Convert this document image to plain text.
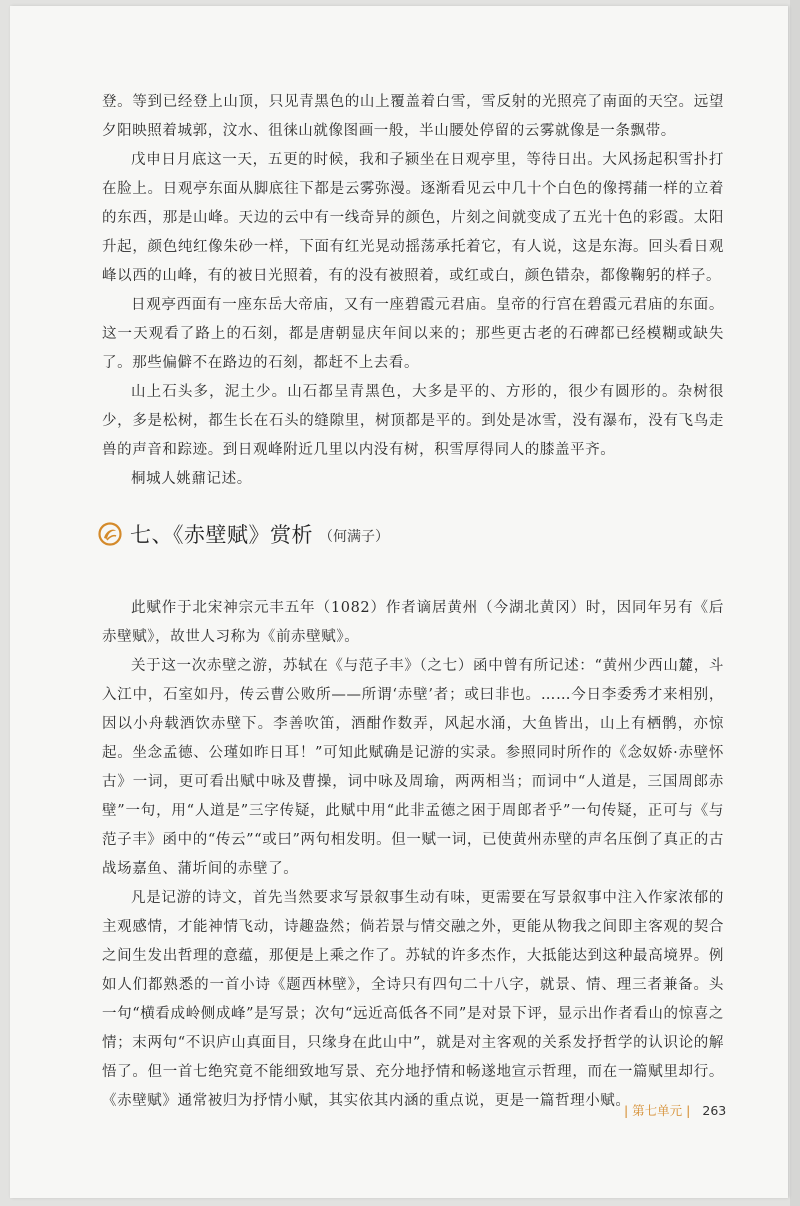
登。等到已经登上山顶，只见青黑色的山上覆盖着白雪，雪反射的光照亮了南面的天空。远望夕阳映照着城郭，汶水、徂徕山就像图画一般，半山腰处停留的云雾就像是一条飘带。

戊申日月底这一天，五更的时候，我和子颍坐在日观亭里，等待日出。大风扬起积雪扑打在脸上。日观亭东面从脚底往下都是云雾弥漫。逐渐看见云中几十个白色的像摴蒱一样的立着的东西，那是山峰。天边的云中有一线奇异的颜色，片刻之间就变成了五光十色的彩霞。太阳升起，颜色纯红像朱砂一样，下面有红光晃动摇荡承托着它，有人说，这是东海。回头看日观峰以西的山峰，有的被日光照着，有的没有被照着，或红或白，颜色错杂，都像鞠躬的样子。

日观亭西面有一座东岳大帝庙，又有一座碧霞元君庙。皇帝的行宫在碧霞元君庙的东面。这一天观看了路上的石刻，都是唐朝显庆年间以来的；那些更古老的石碑都已经模糊或缺失了。那些偏僻不在路边的石刻，都赶不上去看。

山上石头多，泥土少。山石都呈青黑色，大多是平的、方形的，很少有圆形的。杂树很少，多是松树，都生长在石头的缝隙里，树顶都是平的。到处是冰雪，没有瀑布，没有飞鸟走兽的声音和踪迹。到日观峰附近几里以内没有树，积雪厚得同人的膝盖平齐。

桐城人姚鼐记述。

七、《赤壁赋》赏析 （何满子）

此赋作于北宋神宗元丰五年（1082）作者谪居黄州（今湖北黄冈）时，因同年另有《后赤壁赋》，故世人习称为《前赤壁赋》。

关于这一次赤壁之游，苏轼在《与范子丰》（之七）函中曾有所记述：“黄州少西山麓，斗入江中，石室如丹，传云曹公败所——所谓‘赤壁’者；或曰非也。……今日李委秀才来相别，因以小舟载酒饮赤壁下。李善吹笛，酒酣作数弄，风起水涌，大鱼皆出，山上有栖鹘，亦惊起。坐念孟德、公瑾如昨日耳！”可知此赋确是记游的实录。参照同时所作的《念奴娇·赤壁怀古》一词，更可看出赋中咏及曹操，词中咏及周瑜，两两相当；而词中“人道是，三国周郎赤壁”一句，用“人道是”三字传疑，此赋中用“此非孟德之困于周郎者乎”一句传疑，正可与《与范子丰》函中的“传云”“或曰”两句相发明。但一赋一词，已使黄州赤壁的声名压倒了真正的古战场嘉鱼、蒲圻间的赤壁了。

凡是记游的诗文，首先当然要求写景叙事生动有味，更需要在写景叙事中注入作家浓郁的主观感情，才能神情飞动，诗趣盎然；倘若景与情交融之外，更能从物我之间即主客观的契合之间生发出哲理的意蕴，那便是上乘之作了。苏轼的许多杰作，大抵能达到这种最高境界。例如人们都熟悉的一首小诗《题西林壁》，全诗只有四句二十八字，就景、情、理三者兼备。头一句“横看成岭侧成峰”是写景；次句“远近高低各不同”是对景下评，显示出作者看山的惊喜之情；末两句“不识庐山真面目，只缘身在此山中”，就是对主客观的关系发抒哲学的认识论的解悟了。但一首七绝究竟不能细致地写景、充分地抒情和畅遂地宣示哲理，而在一篇赋里却行。《赤壁赋》通常被归为抒情小赋，其实依其内涵的重点说，更是一篇哲理小赋。

| 第七单元 | 263
